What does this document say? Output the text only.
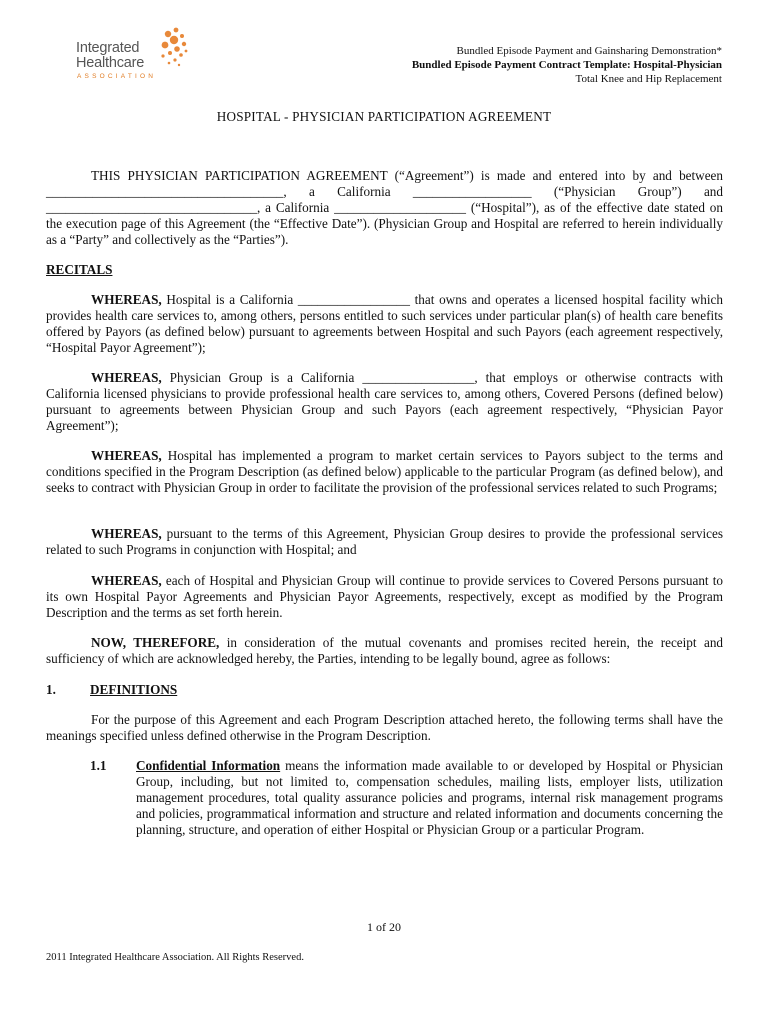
Integrated
Healthcare
ASSOCIATION
Bundled Episode Payment and Gainsharing Demonstration*
Bundled Episode Payment Contract Template: Hospital-Physician
Total Knee and Hip Replacement
HOSPITAL - PHYSICIAN PARTICIPATION AGREEMENT
THIS PHYSICIAN PARTICIPATION AGREEMENT (“Agreement”) is made and entered into by and between ____________________________________, a California __________________ (“Physician Group”) and ________________________________, a California ____________________ (“Hospital”), as of the effective date stated on the execution page of this Agreement (the “Effective Date”). (Physician Group and Hospital are referred to herein individually as a “Party” and collectively as the “Parties”).
RECITALS
WHEREAS, Hospital is a California _________________ that owns and operates a licensed hospital facility which provides health care services to, among others, persons entitled to such services under particular plan(s) of health care benefits offered by Payors (as defined below) pursuant to agreements between Hospital and such Payors (each agreement respectively, “Hospital Payor Agreement”);
WHEREAS, Physician Group is a California _________________, that employs or otherwise contracts with California licensed physicians to provide professional health care services to, among others, Covered Persons (defined below) pursuant to agreements between Physician Group and such Payors (each agreement respectively, “Physician Payor Agreement”);
WHEREAS, Hospital has implemented a program to market certain services to Payors subject to the terms and conditions specified in the Program Description (as defined below) applicable to the particular Program (as defined below), and seeks to contract with Physician Group in order to facilitate the provision of the professional services related to such Programs;
WHEREAS, pursuant to the terms of this Agreement, Physician Group desires to provide the professional services related to such Programs in conjunction with Hospital; and
WHEREAS, each of Hospital and Physician Group will continue to provide services to Covered Persons pursuant to its own Hospital Payor Agreements and Physician Payor Agreements, respectively, except as modified by the Program Description and the terms as set forth herein.
NOW, THEREFORE, in consideration of the mutual covenants and promises recited herein, the receipt and sufficiency of which are acknowledged hereby, the Parties, intending to be legally bound, agree as follows:
1.	DEFINITIONS
For the purpose of this Agreement and each Program Description attached hereto, the following terms shall have the meanings specified unless defined otherwise in the Program Description.
1.1 Confidential Information means the information made available to or developed by Hospital or Physician Group, including, but not limited to, compensation schedules, mailing lists, employer lists, utilization management procedures, total quality assurance policies and programs, internal risk management programs and policies, programmatical information and structure and related information and documents concerning the planning, structure, and operation of either Hospital or Physician Group or a particular Program.
1 of 20
2011 Integrated Healthcare Association. All Rights Reserved.
